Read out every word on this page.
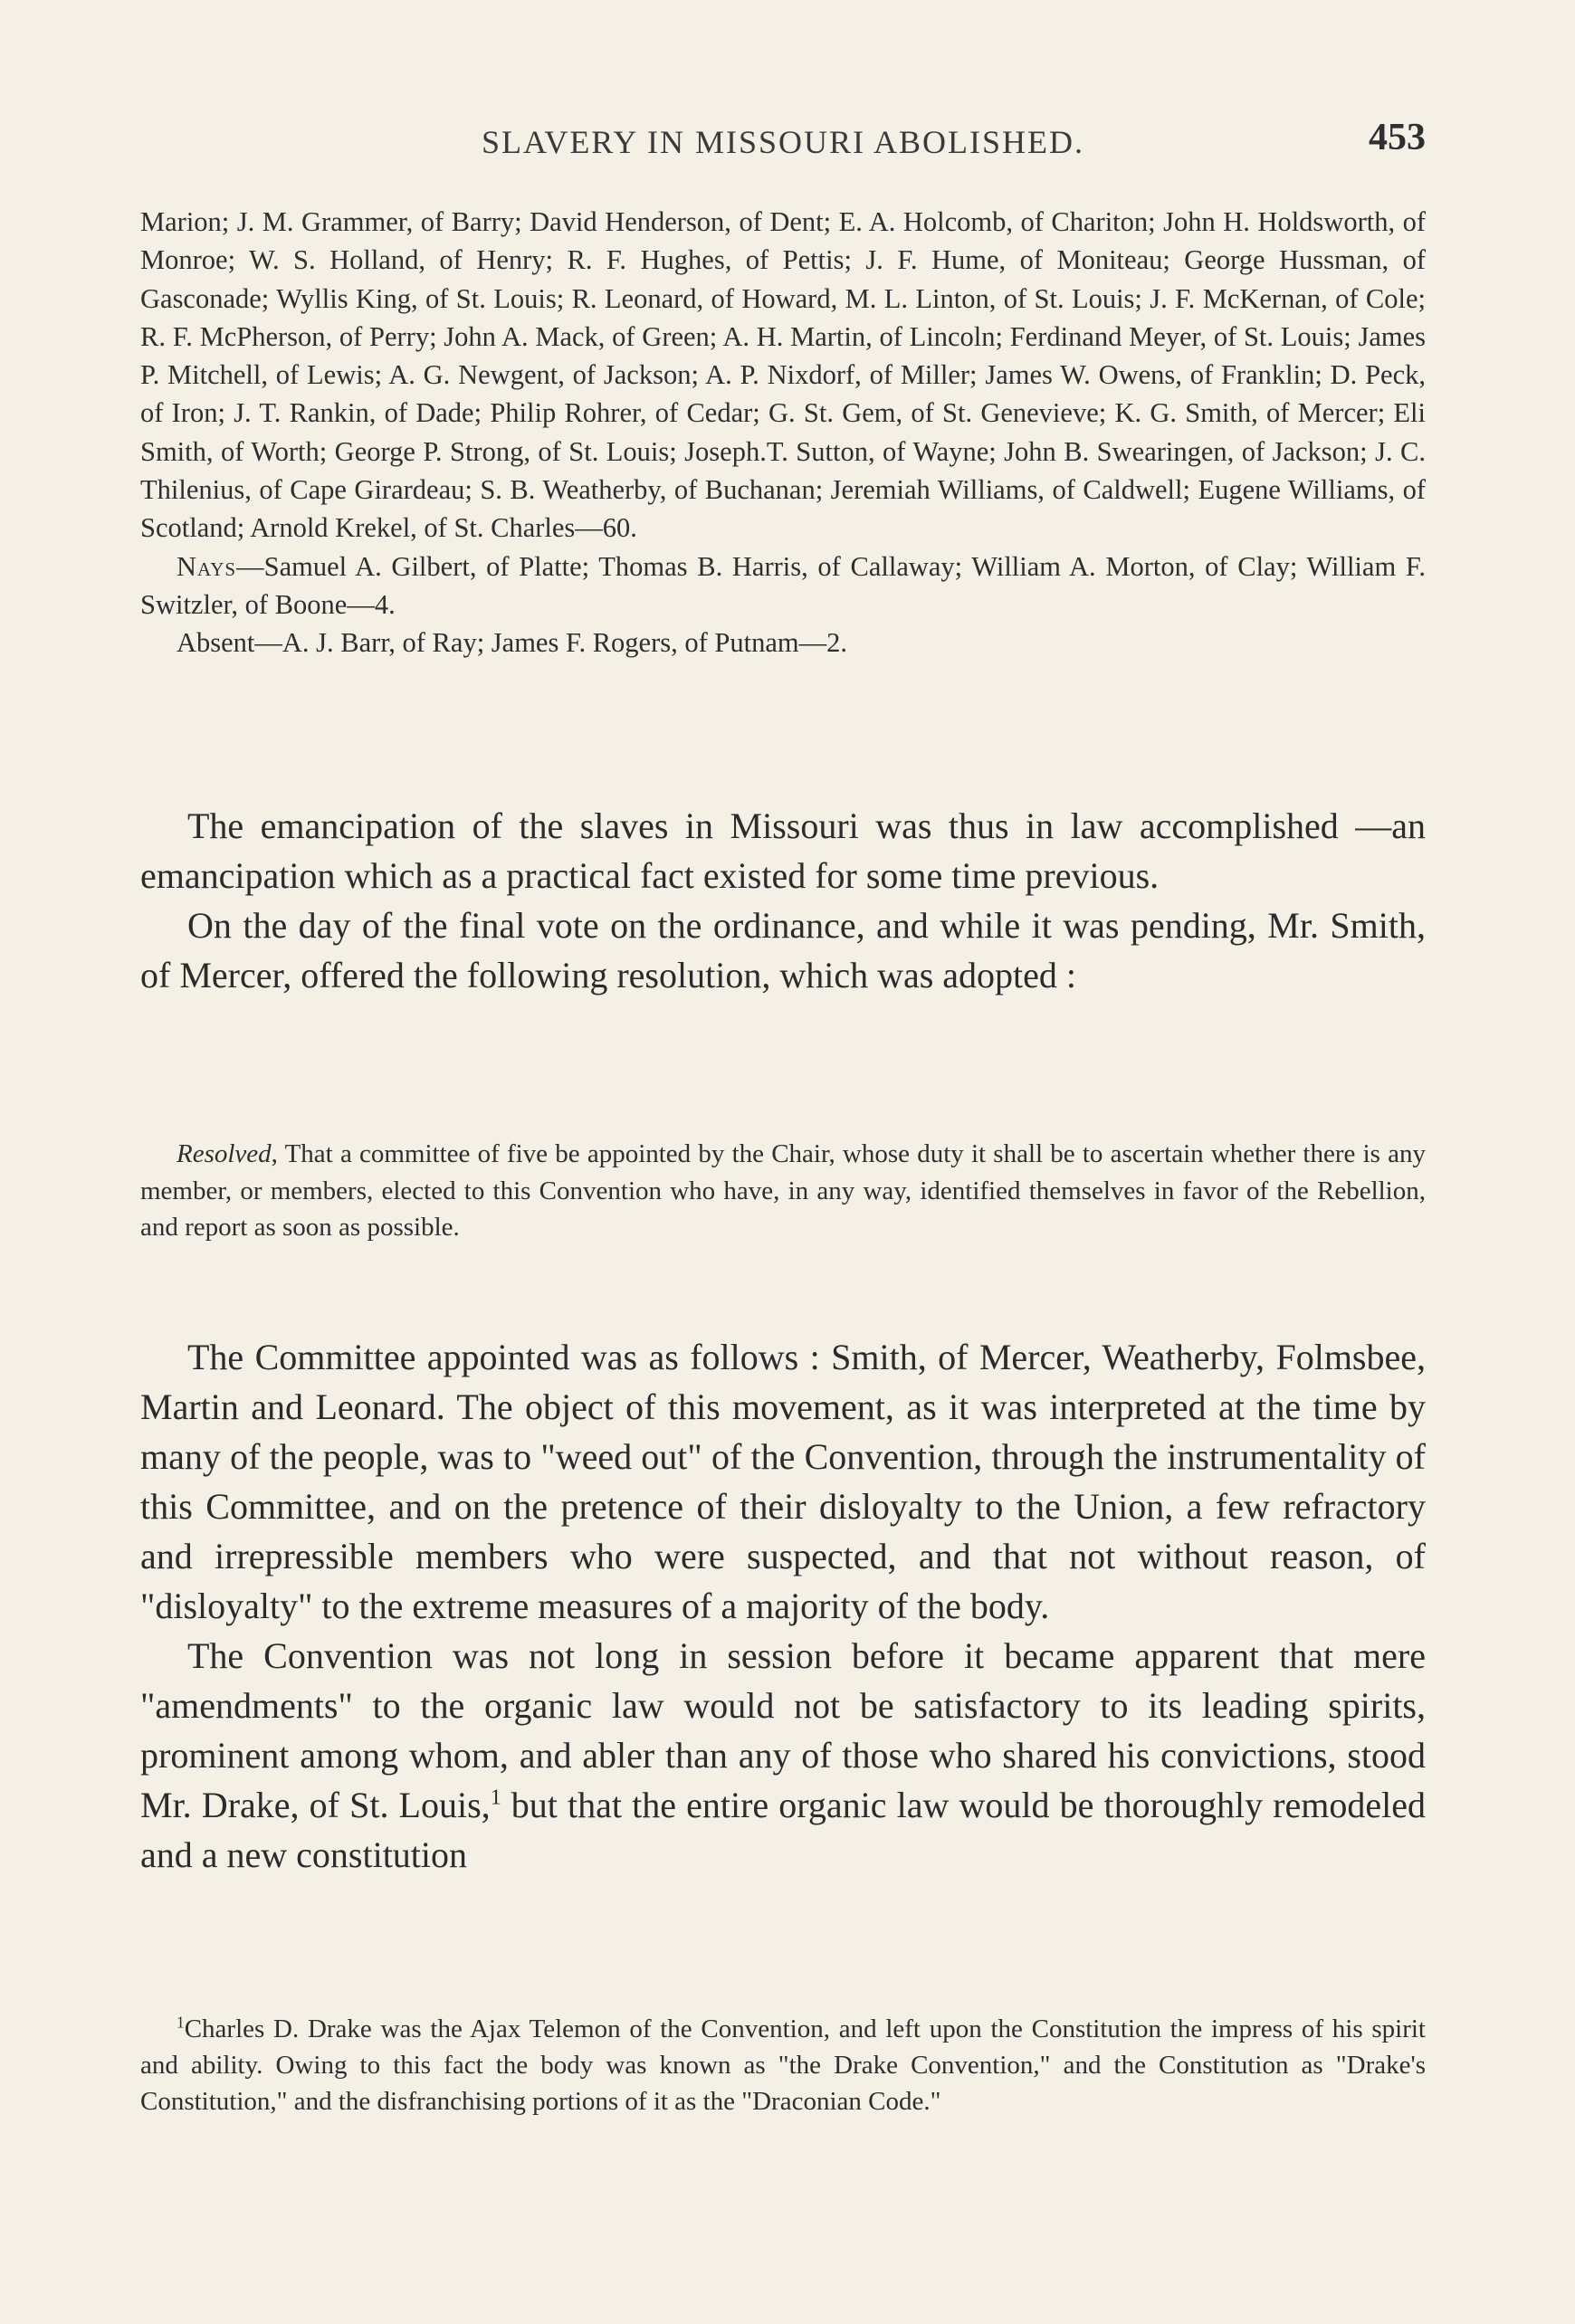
SLAVERY IN MISSOURI ABOLISHED.	453

Marion; J. M. Grammer, of Barry; David Henderson, of Dent; E. A. Holcomb, of Chariton; John H. Holdsworth, of Monroe; W. S. Holland, of Henry; R. F. Hughes, of Pettis; J. F. Hume, of Moniteau; George Hussman, of Gasconade; Wyllis King, of St. Louis; R. Leonard, of Howard, M. L. Linton, of St. Louis; J. F. McKernan, of Cole; R. F. McPherson, of Perry; John A. Mack, of Green; A. H. Martin, of Lincoln; Ferdinand Meyer, of St. Louis; James P. Mitchell, of Lewis; A. G. Newgent, of Jackson; A. P. Nixdorf, of Miller; James W. Owens, of Franklin; D. Peck, of Iron; J. T. Rankin, of Dade; Philip Rohrer, of Cedar; G. St. Gem, of St. Genevieve; K. G. Smith, of Mercer; Eli Smith, of Worth; George P. Strong, of St. Louis; Joseph.T. Sutton, of Wayne; John B. Swearingen, of Jackson; J. C. Thilenius, of Cape Girardeau; S. B. Weatherby, of Buchanan; Jeremiah Williams, of Caldwell; Eugene Williams, of Scotland; Arnold Krekel, of St. Charles—60.

Nays—Samuel A. Gilbert, of Platte; Thomas B. Harris, of Callaway; William A. Morton, of Clay; William F. Switzler, of Boone—4.

Absent—A. J. Barr, of Ray; James F. Rogers, of Putnam—2.

The emancipation of the slaves in Missouri was thus in law accomplished —an emancipation which as a practical fact existed for some time previous.

On the day of the final vote on the ordinance, and while it was pending, Mr. Smith, of Mercer, offered the following resolution, which was adopted :

Resolved, That a committee of five be appointed by the Chair, whose duty it shall be to ascertain whether there is any member, or members, elected to this Convention who have, in any way, identified themselves in favor of the Rebellion, and report as soon as possible.

The Committee appointed was as follows : Smith, of Mercer, Weatherby, Folmsbee, Martin and Leonard. The object of this movement, as it was interpreted at the time by many of the people, was to "weed out" of the Convention, through the instrumentality of this Committee, and on the pretence of their disloyalty to the Union, a few refractory and irrepressible members who were suspected, and that not without reason, of "disloyalty" to the extreme measures of a majority of the body.

The Convention was not long in session before it became apparent that mere "amendments" to the organic law would not be satisfactory to its leading spirits, prominent among whom, and abler than any of those who shared his convictions, stood Mr. Drake, of St. Louis,$^1$ but that the entire organic law would be thoroughly remodeled and a new constitution

$^1$Charles D. Drake was the Ajax Telemon of the Convention, and left upon the Constitution the impress of his spirit and ability. Owing to this fact the body was known as "the Drake Convention," and the Constitution as "Drake's Constitution," and the disfranchising portions of it as the "Draconian Code."
